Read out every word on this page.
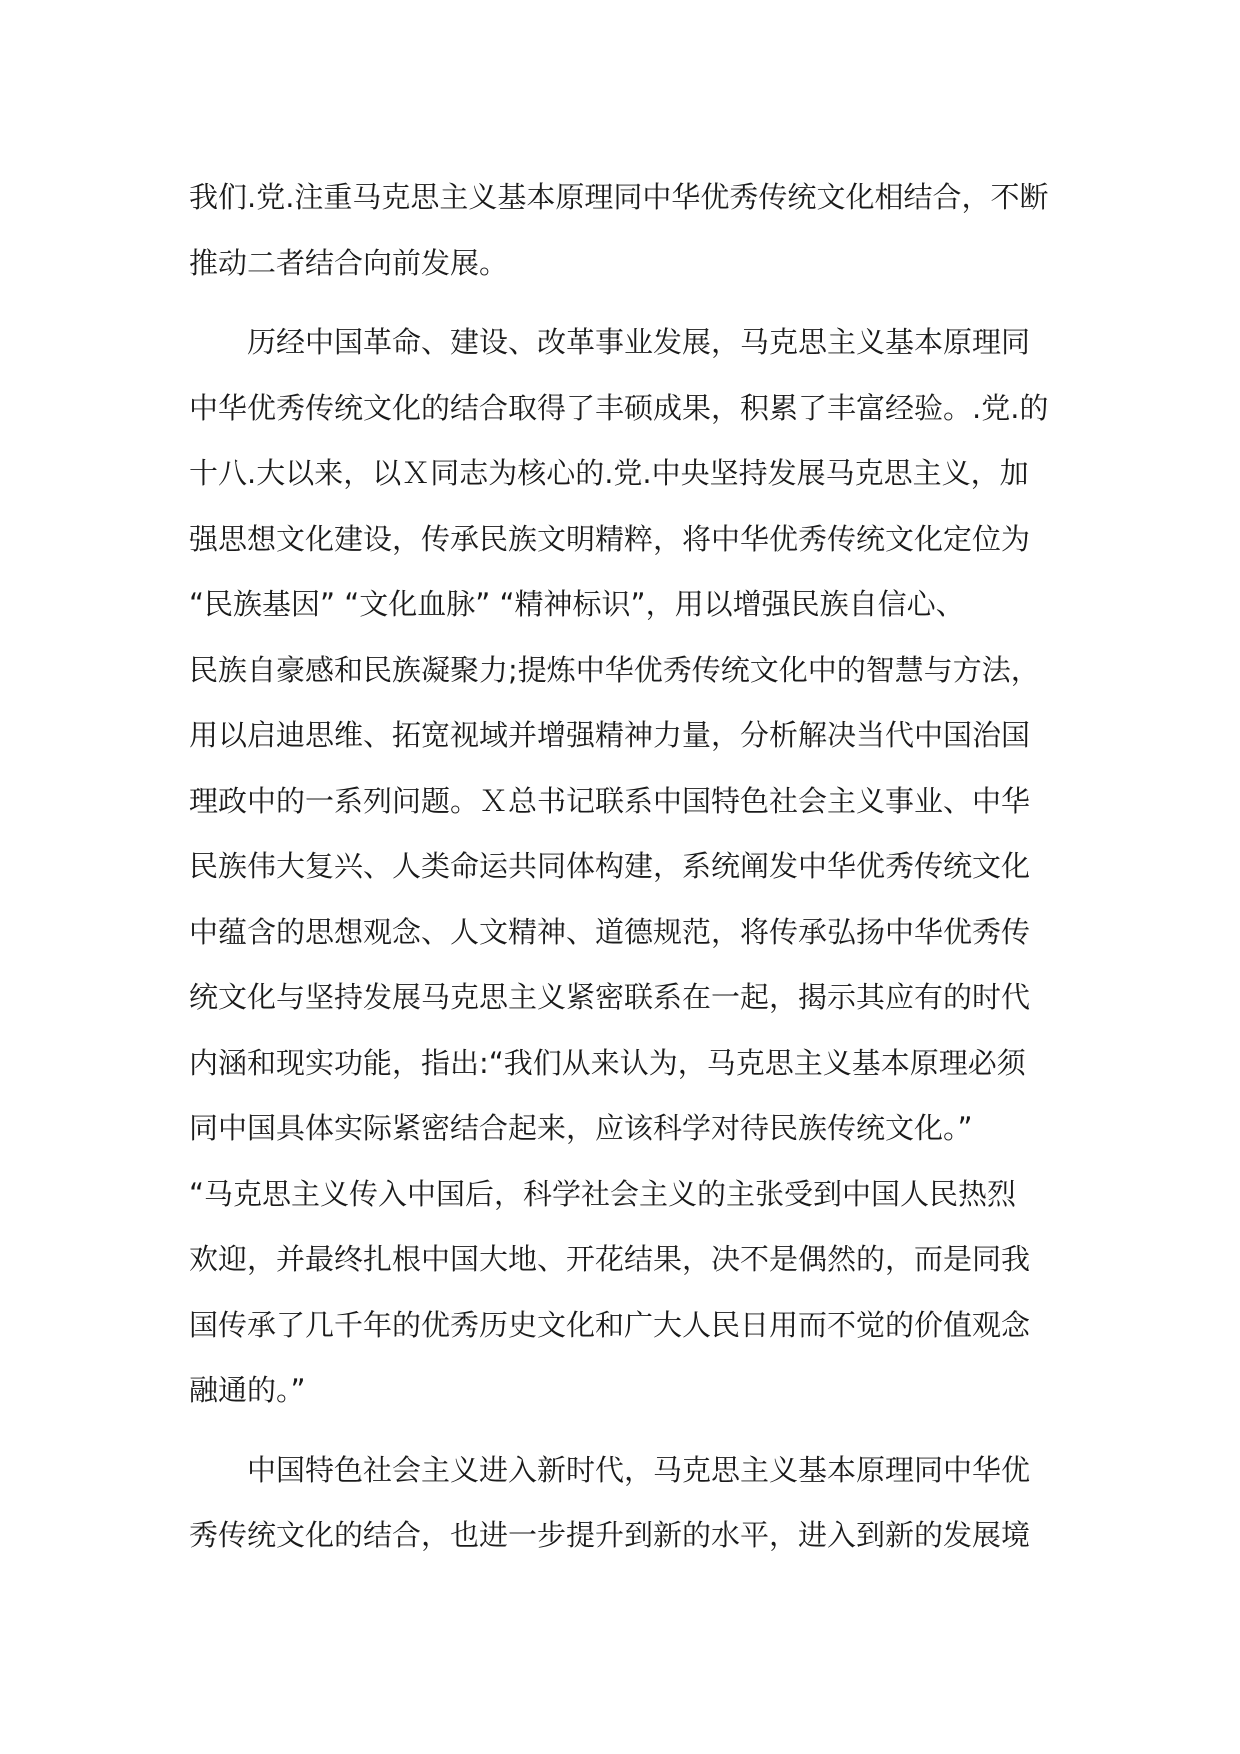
我们.党.注重马克思主义基本原理同中华优秀传统文化相结合，不断
推动二者结合向前发展。
历经中国革命、建设、改革事业发展，马克思主义基本原理同
中华优秀传统文化的结合取得了丰硕成果，积累了丰富经验。.党.的
十八.大以来，以Ｘ同志为核心的.党.中央坚持发展马克思主义，加
强思想文化建设，传承民族文明精粹，将中华优秀传统文化定位为
“民族基因” “文化血脉” “精神标识”，用以增强民族自信心、
民族自豪感和民族凝聚力;提炼中华优秀传统文化中的智慧与方法，
用以启迪思维、拓宽视域并增强精神力量，分析解决当代中国治国
理政中的一系列问题。Ｘ总书记联系中国特色社会主义事业、中华
民族伟大复兴、人类命运共同体构建，系统阐发中华优秀传统文化
中蕴含的思想观念、人文精神、道德规范，将传承弘扬中华优秀传
统文化与坚持发展马克思主义紧密联系在一起，揭示其应有的时代
内涵和现实功能，指出:“我们从来认为，马克思主义基本原理必须
同中国具体实际紧密结合起来，应该科学对待民族传统文化。”
“马克思主义传入中国后，科学社会主义的主张受到中国人民热烈
欢迎，并最终扎根中国大地、开花结果，决不是偶然的，而是同我
国传承了几千年的优秀历史文化和广大人民日用而不觉的价值观念
融通的。”
中国特色社会主义进入新时代，马克思主义基本原理同中华优
秀传统文化的结合，也进一步提升到新的水平，进入到新的发展境
